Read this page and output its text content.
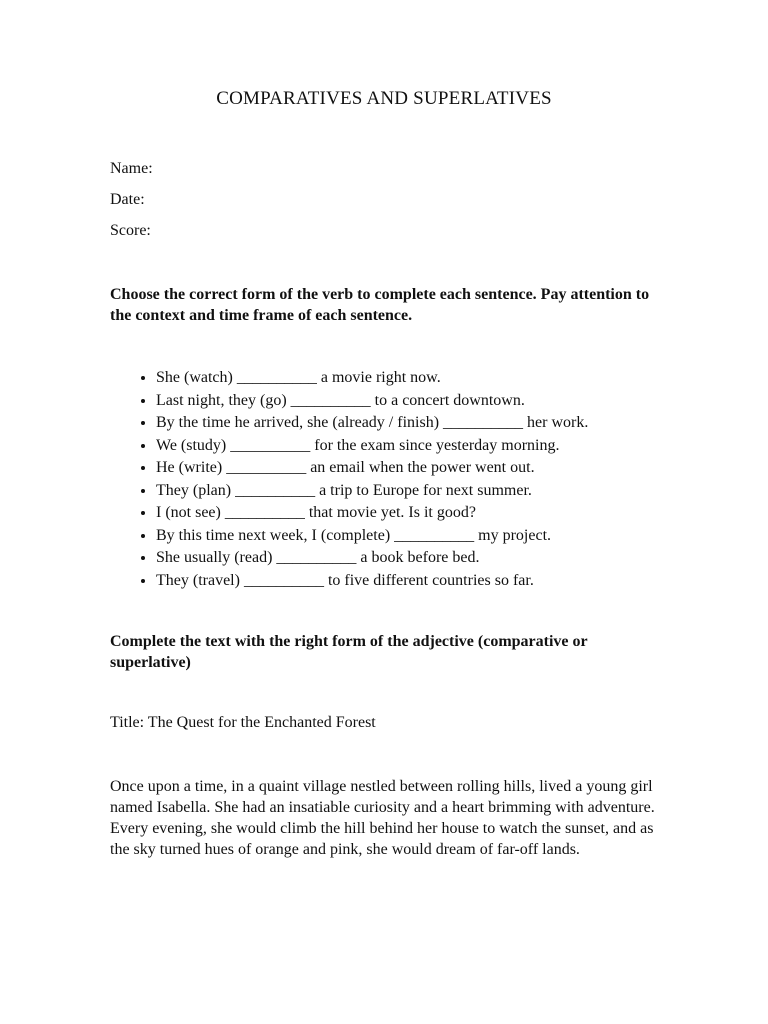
COMPARATIVES AND SUPERLATIVES
Name:
Date:
Score:

Choose the correct form of the verb to complete each sentence. Pay attention to the context and time frame of each sentence.

• She (watch) __________ a movie right now.
• Last night, they (go) __________ to a concert downtown.
• By the time he arrived, she (already / finish) __________ her work.
• We (study) __________ for the exam since yesterday morning.
• He (write) __________ an email when the power went out.
• They (plan) __________ a trip to Europe for next summer.
• I (not see) __________ that movie yet. Is it good?
• By this time next week, I (complete) __________ my project.
• She usually (read) __________ a book before bed.
• They (travel) __________ to five different countries so far.

Complete the text with the right form of the adjective (comparative or superlative)

Title: The Quest for the Enchanted Forest

Once upon a time, in a quaint village nestled between rolling hills, lived a young girl named Isabella. She had an insatiable curiosity and a heart brimming with adventure. Every evening, she would climb the hill behind her house to watch the sunset, and as the sky turned hues of orange and pink, she would dream of far-off lands.
